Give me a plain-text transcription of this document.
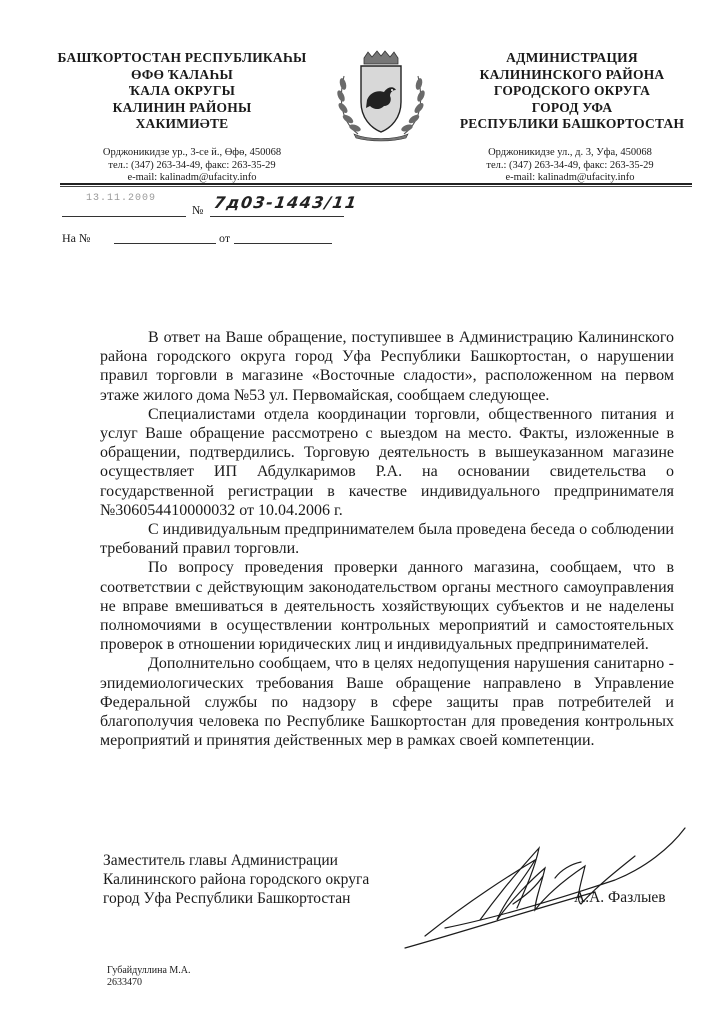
БАШҠОРТОСТАН РЕСПУБЛИКАҺЫ
ӨФӨ ҠАЛАҺЫ
ҠАЛА ОКРУГЫ
КАЛИНИН РАЙОНЫ
ХАКИМИӘТЕ
АДМИНИСТРАЦИЯ
КАЛИНИНСКОГО РАЙОНА
ГОРОДСКОГО ОКРУГА
ГОРОД УФА
РЕСПУБЛИКИ БАШКОРТОСТАН
Орджоникидзе ур., 3-се й., Өфө, 450068
тел.: (347) 263-34-49, факс: 263-35-29
e-mail: kalinadm@ufacity.info
Орджоникидзе ул., д. 3, Уфа, 450068
тел.: (347) 263-34-49, факс: 263-35-29
e-mail: kalinadm@ufacity.info
13.11.2009
№ 7д03-1443/11
На №	от

В ответ на Ваше обращение, поступившее в Администрацию Калининского района городского округа город Уфа Республики Башкортостан, о нарушении правил торговли в магазине «Восточные сладости», расположенном на первом этаже жилого дома №53 ул. Первомайская, сообщаем следующее.

Специалистами отдела координации торговли, общественного питания и услуг Ваше обращение рассмотрено с выездом на место. Факты, изложенные в обращении, подтвердились. Торговую деятельность в вышеуказанном магазине осуществляет ИП Абдулкаримов Р.А. на основании свидетельства о государственной регистрации в качестве индивидуального предпринимателя №306054410000032 от 10.04.2006 г.

С индивидуальным предпринимателем была проведена беседа о соблюдении требований правил торговли.

По вопросу проведения проверки данного магазина, сообщаем, что в соответствии с действующим законодательством органы местного самоуправления не вправе вмешиваться в деятельность хозяйствующих субъектов и не наделены полномочиями в осуществлении контрольных мероприятий и самостоятельных проверок в отношении юридических лиц и индивидуальных предпринимателей.

Дополнительно сообщаем, что в целях недопущения нарушения санитарно - эпидемиологических требования Ваше обращение направлено в Управление Федеральной службы по надзору в сфере защиты прав потребителей и благополучия человека по Республике Башкортостан для проведения контрольных мероприятий и принятия действенных мер в рамках своей компетенции.

Заместитель главы Администрации
Калининского района городского округа
город Уфа Республики Башкортостан	А.А. Фазлыев
Губайдуллина М.А.
2633470
